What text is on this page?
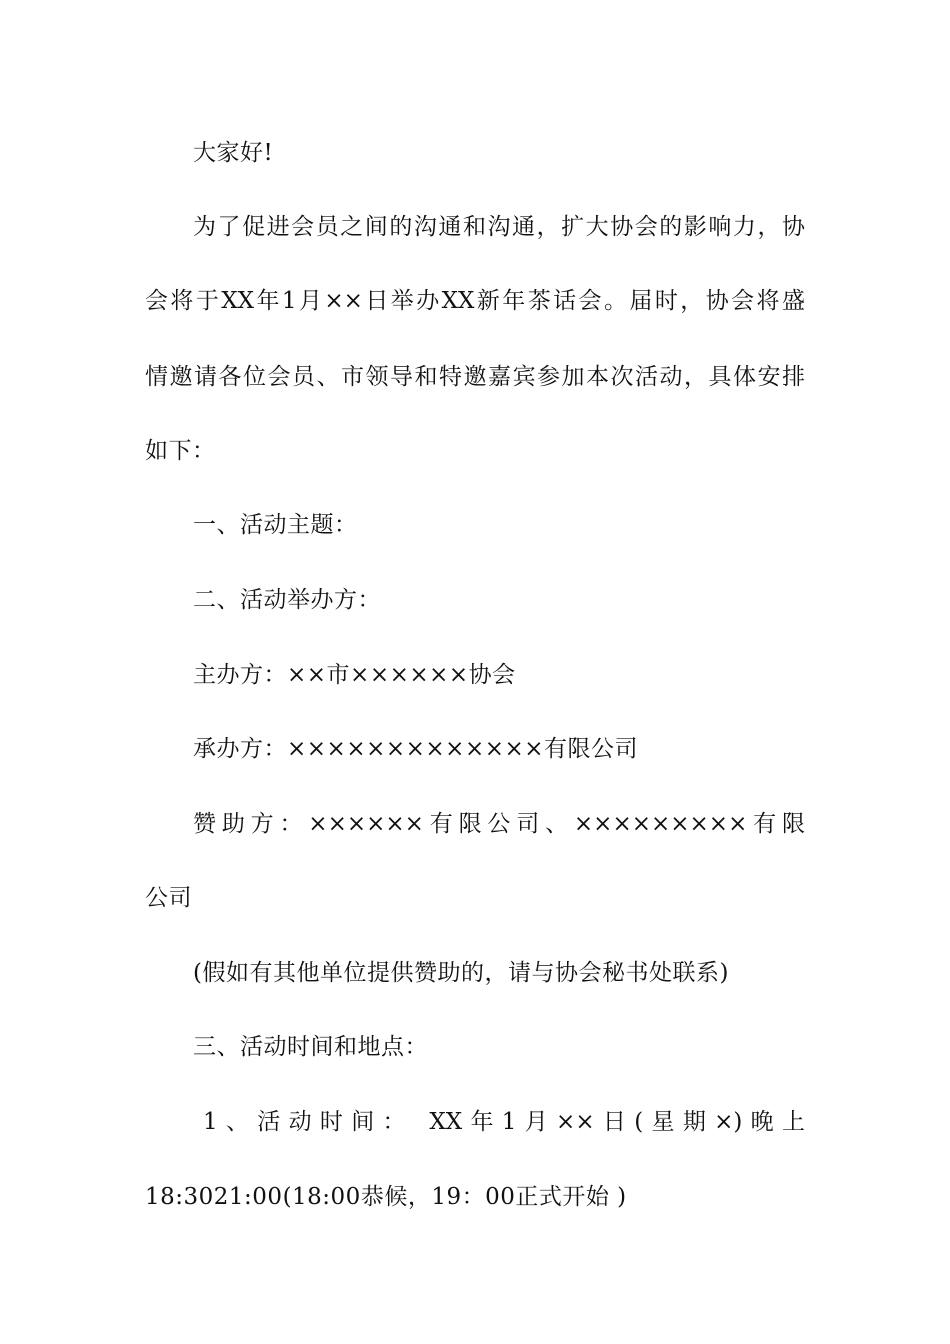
大家好!
为了促进会员之间的沟通和沟通，扩大协会的影响力，协
会将于XX年1月××日举办XX新年茶话会。届时，协会将盛
情邀请各位会员、市领导和特邀嘉宾参加本次活动，具体安排
如下：
一、活动主题：
二、活动举办方：
主办方：××市××××××协会
承办方：×××××××××××××有限公司
赞助方：××××××有限公司、×××××××××有限
公司
(假如有其他单位提供赞助的，请与协会秘书处联系)
三、活动时间和地点：
1、活动时间： XX年1月××日(星期×)晚上
18:3021:00(18:00恭候，19：00正式开始 )
